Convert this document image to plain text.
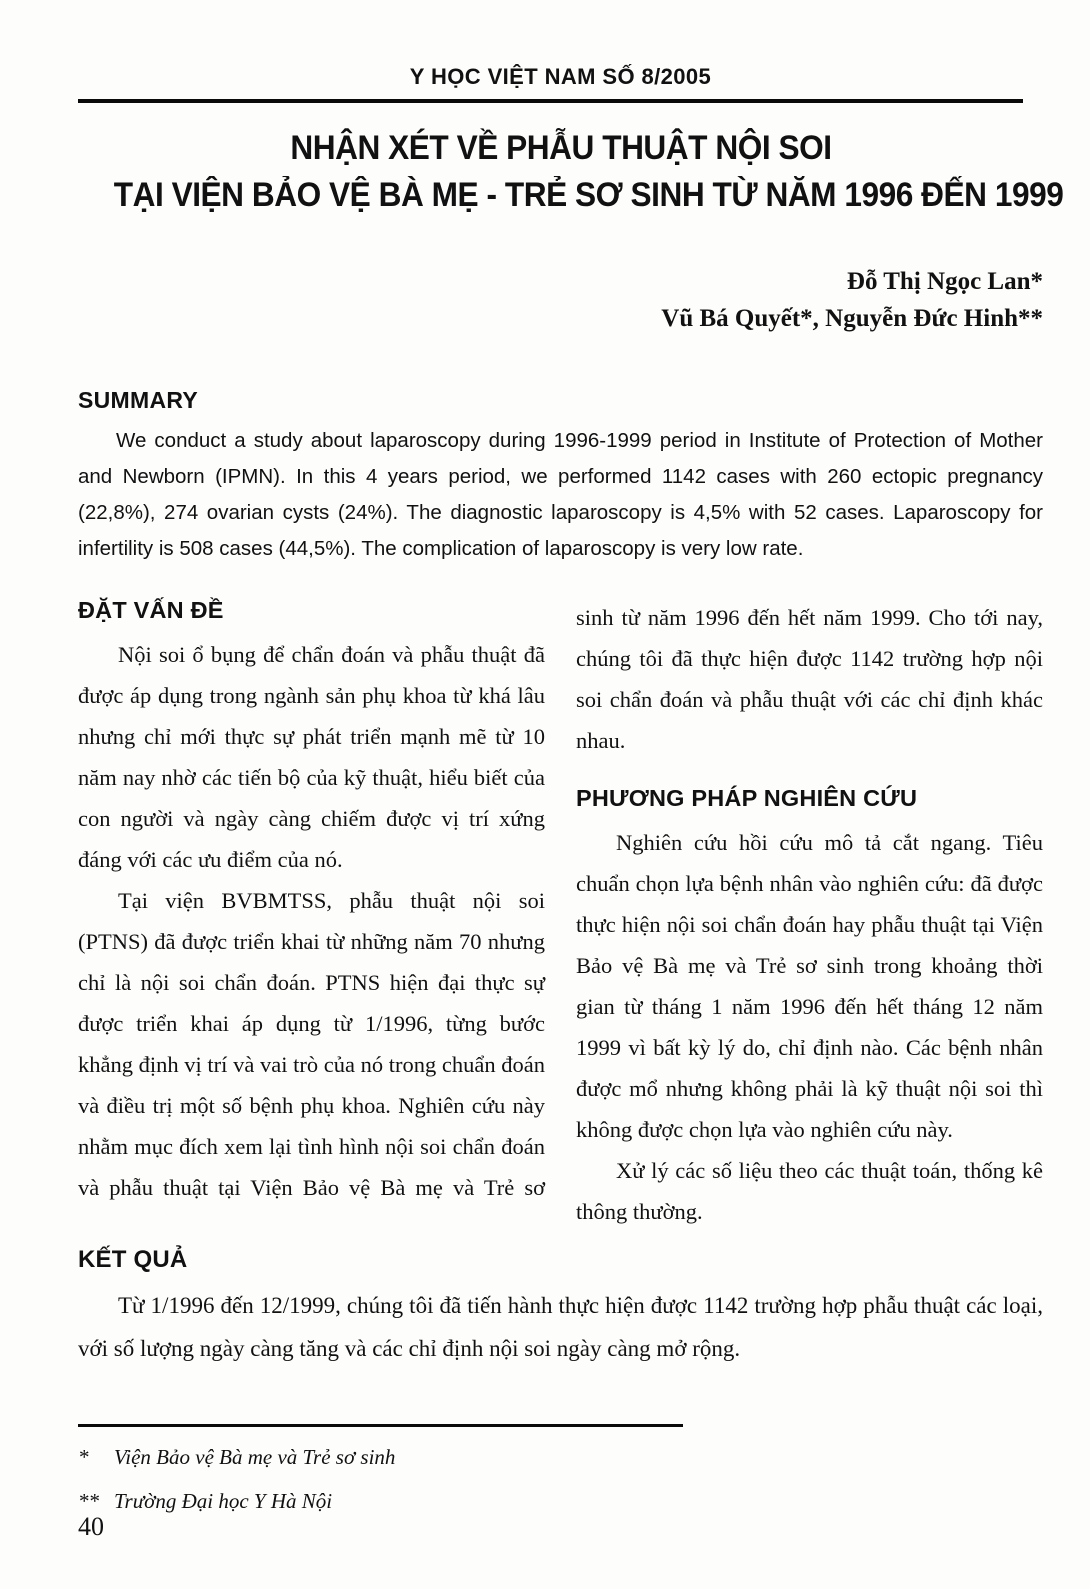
Y HỌC VIỆT NAM SỐ 8/2005
NHẬN XÉT VỀ PHẪU THUẬT NỘI SOI
TẠI VIỆN BẢO VỆ BÀ MẸ - TRẺ SƠ SINH TỪ NĂM 1996 ĐẾN 1999
Đỗ Thị Ngọc Lan*
Vũ Bá Quyết*, Nguyễn Đức Hinh**
SUMMARY

We conduct a study about laparoscopy during 1996-1999 period in Institute of Protection of Mother and Newborn (IPMN). In this 4 years period, we performed 1142 cases with 260 ectopic pregnancy (22,8%), 274 ovarian cysts (24%). The diagnostic laparoscopy is 4,5% with 52 cases. Laparoscopy for infertility is 508 cases (44,5%). The complication of laparoscopy is very low rate.

ĐẶT VẤN ĐỀ

Nội soi ổ bụng để chẩn đoán và phẫu thuật đã được áp dụng trong ngành sản phụ khoa từ khá lâu nhưng chỉ mới thực sự phát triển mạnh mẽ từ 10 năm nay nhờ các tiến bộ của kỹ thuật, hiểu biết của con người và ngày càng chiếm được vị trí xứng đáng với các ưu điểm của nó.

Tại viện BVBMTSS, phẫu thuật nội soi (PTNS) đã được triển khai từ những năm 70 nhưng chỉ là nội soi chẩn đoán. PTNS hiện đại thực sự được triển khai áp dụng từ 1/1996, từng bước khẳng định vị trí và vai trò của nó trong chuẩn đoán và điều trị một số bệnh phụ khoa. Nghiên cứu này nhằm mục đích xem lại tình hình nội soi chẩn đoán và phẫu thuật tại Viện Bảo vệ Bà mẹ và Trẻ sơ

sinh từ năm 1996 đến hết năm 1999. Cho tới nay, chúng tôi đã thực hiện được 1142 trường hợp nội soi chẩn đoán và phẫu thuật với các chỉ định khác nhau.

PHƯƠNG PHÁP NGHIÊN CỨU

Nghiên cứu hồi cứu mô tả cắt ngang. Tiêu chuẩn chọn lựa bệnh nhân vào nghiên cứu: đã được thực hiện nội soi chẩn đoán hay phẫu thuật tại Viện Bảo vệ Bà mẹ và Trẻ sơ sinh trong khoảng thời gian từ tháng 1 năm 1996 đến hết tháng 12 năm 1999 vì bất kỳ lý do, chỉ định nào. Các bệnh nhân được mổ nhưng không phải là kỹ thuật nội soi thì không được chọn lựa vào nghiên cứu này.

Xử lý các số liệu theo các thuật toán, thống kê thông thường.

KẾT QUẢ

Từ 1/1996 đến 12/1999, chúng tôi đã tiến hành thực hiện được 1142 trường hợp phẫu thuật các loại, với số lượng ngày càng tăng và các chỉ định nội soi ngày càng mở rộng.

*	Viện Bảo vệ Bà mẹ và Trẻ sơ sinh
** Trường Đại học Y Hà Nội
40
